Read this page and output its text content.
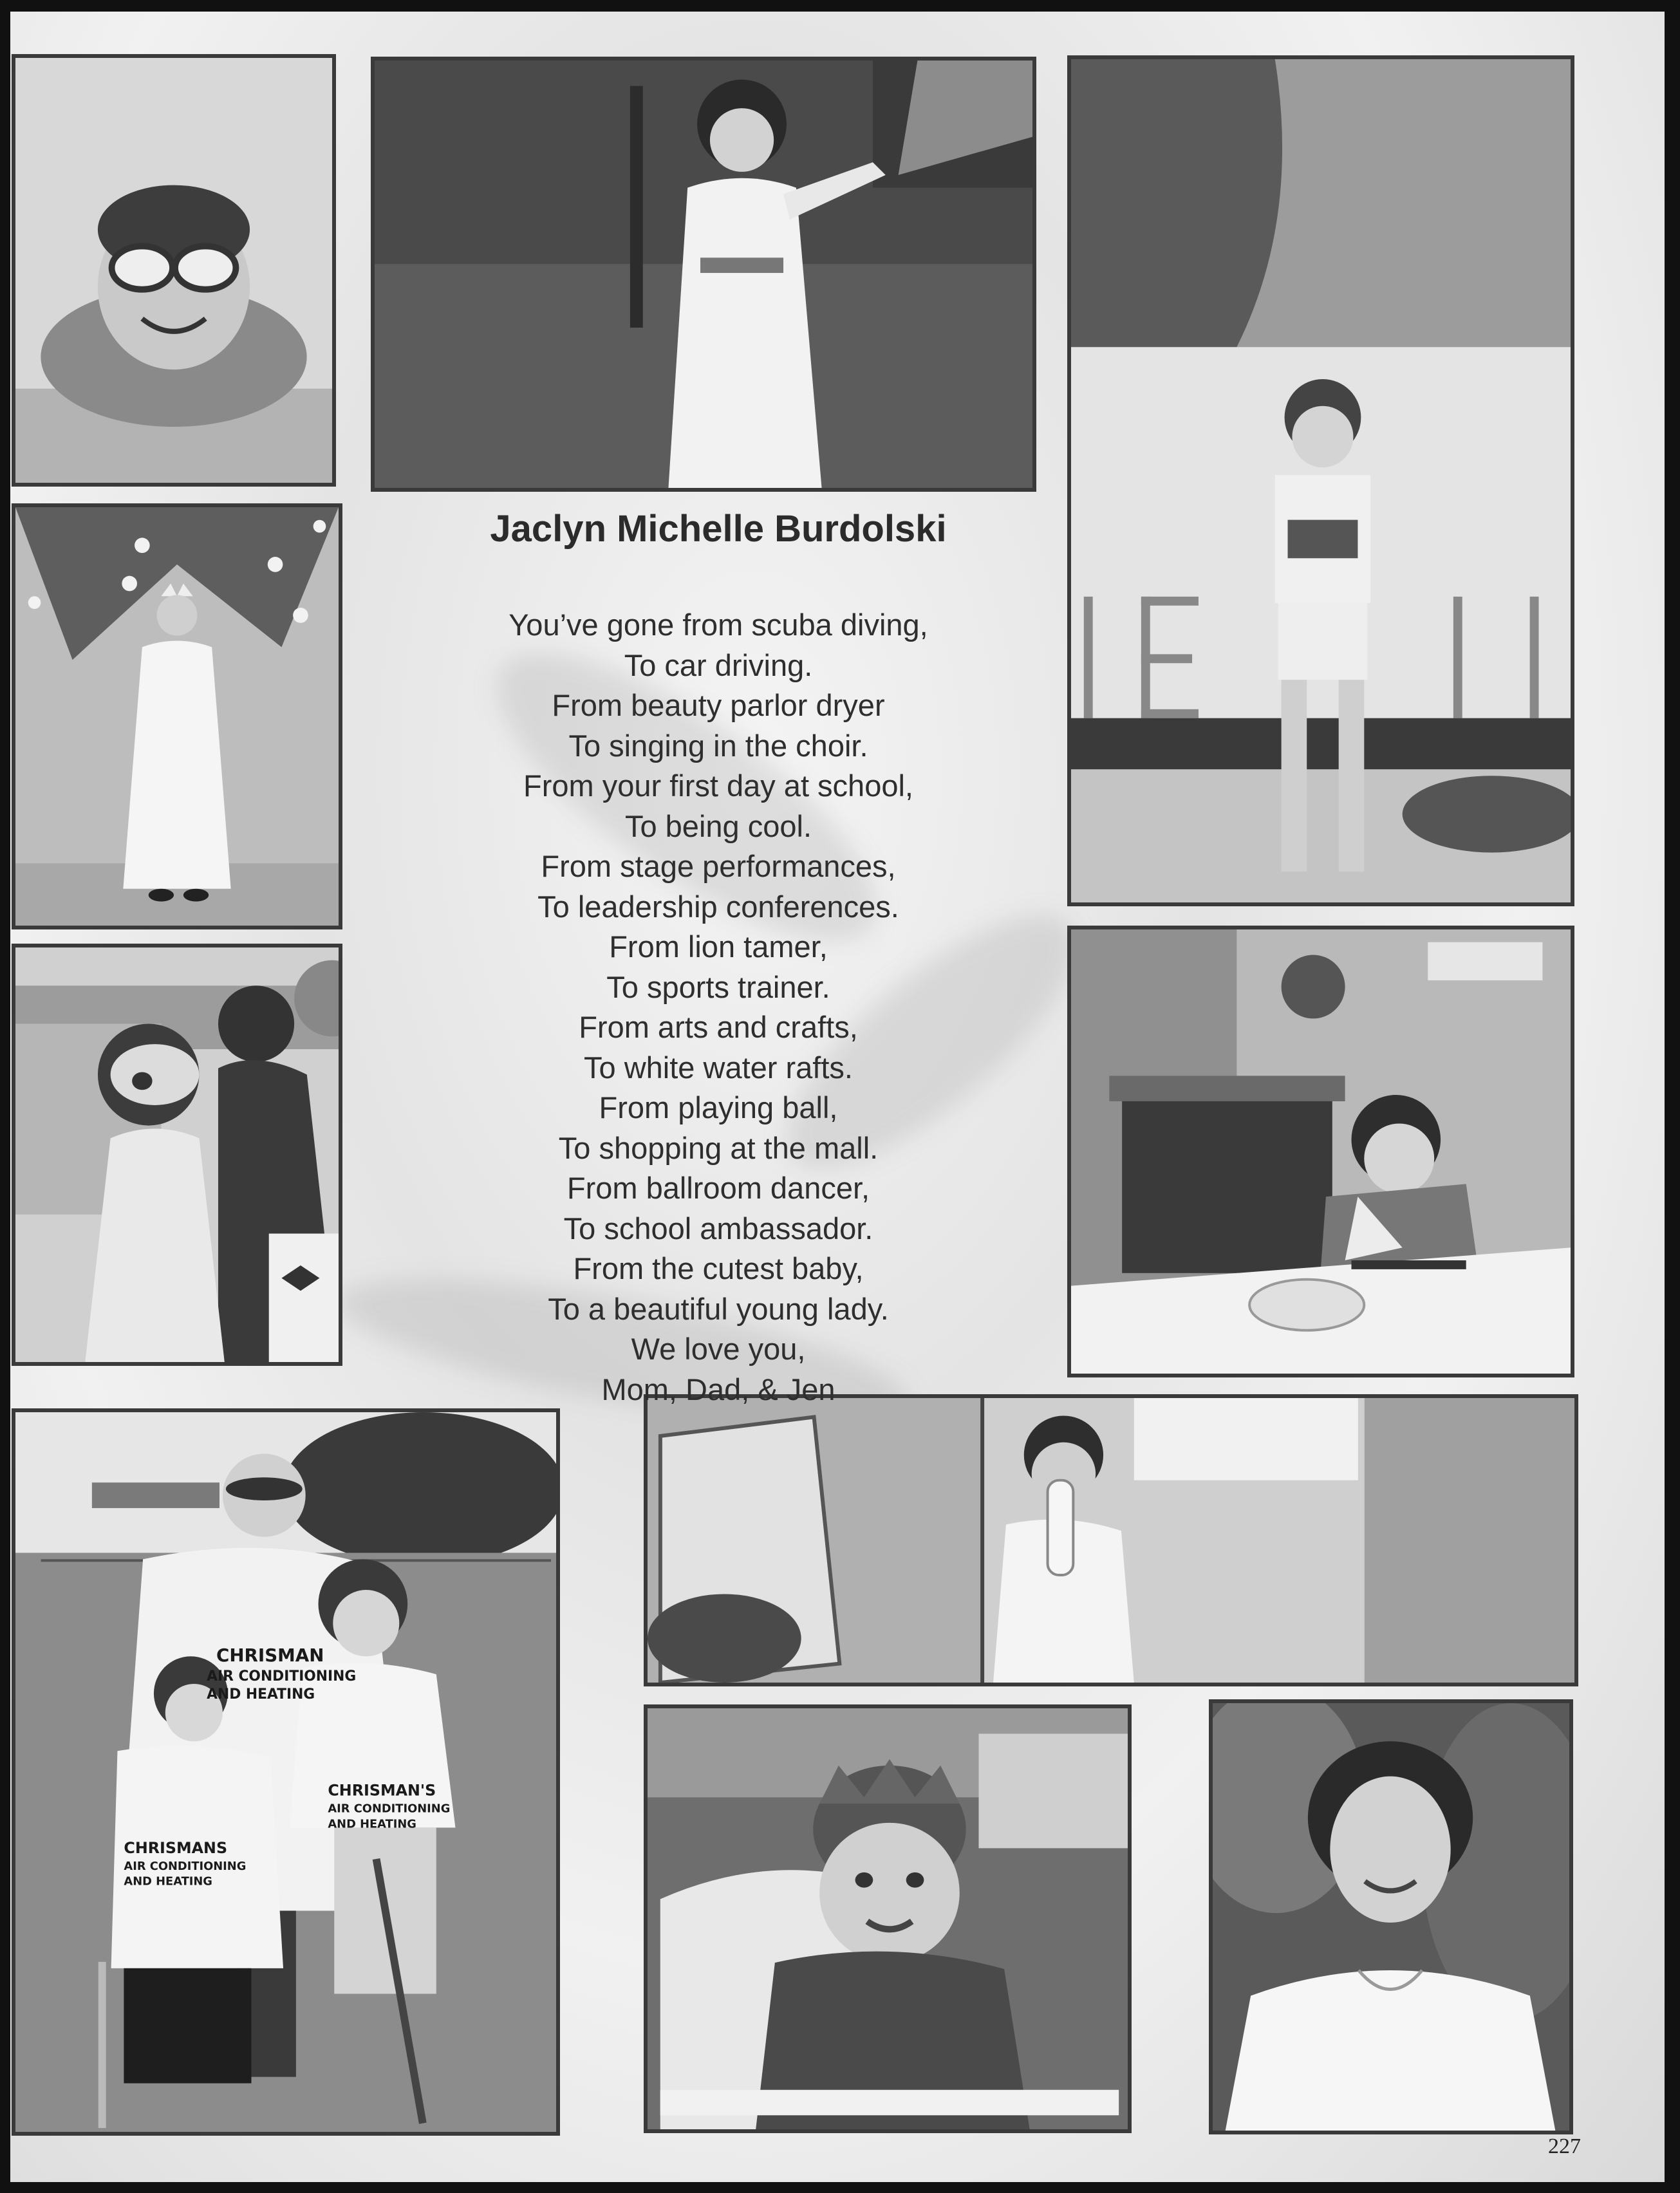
CHRISMAN AIR CONDITIONING AND HEATING
CHRISMAN'S AIR CONDITIONING AND HEATING
CHRISMANS AIR CONDITIONING AND HEATING
Jaclyn Michelle Burdolski
You’ve gone from scuba diving,
To car driving.
From beauty parlor dryer
To singing in the choir.
From your first day at school,
To being cool.
From stage performances,
To leadership conferences.
From lion tamer,
To sports trainer.
From arts and crafts,
To white water rafts.
From playing ball,
To shopping at the mall.
From ballroom dancer,
To school ambassador.
From the cutest baby,
To a beautiful young lady.
We love you,
Mom, Dad, & Jen
227
